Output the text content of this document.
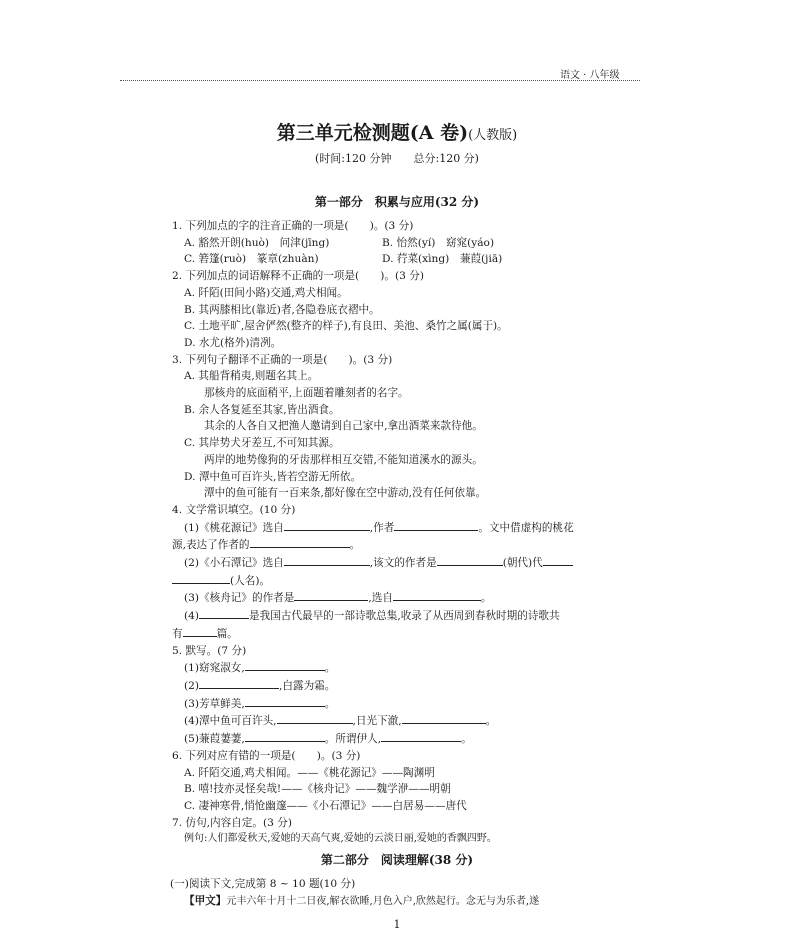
语文 · 八年级
第三单元检测题(A 卷)(人教版)
(时间:120 分钟　　总分:120 分)
第一部分　积累与应用(32 分)
1. 下列加点的字的注音正确的一项是(　　)。(3 分)
A. 豁然开朗(huò)　问津(jīng)	B. 怡然(yí)　窈窕(yáo)
C. 箬篷(ruò)　篆章(zhuàn)	D. 荇菜(xìng)　蒹葭(jiā)
2. 下列加点的词语解释不正确的一项是(　　)。(3 分)
A. 阡陌(田间小路)交通,鸡犬相闻。
B. 其两膝相比(靠近)者,各隐卷底衣褶中。
C. 土地平旷,屋舍俨然(整齐的样子),有良田、美池、桑竹之属(属于)。
D. 水尤(格外)清冽。
3. 下列句子翻译不正确的一项是(　　)。(3 分)
A. 其船背稍夷,则题名其上。
那核舟的底面稍平,上面题着雕刻者的名字。
B. 余人各复延至其家,皆出酒食。
其余的人各自又把渔人邀请到自己家中,拿出酒菜来款待他。
C. 其岸势犬牙差互,不可知其源。
两岸的地势像狗的牙齿那样相互交错,不能知道溪水的源头。
D. 潭中鱼可百许头,皆若空游无所依。
潭中的鱼可能有一百来条,都好像在空中游动,没有任何依靠。
4. 文学常识填空。(10 分)
(1)《桃花源记》选自	,作者	。文中借虚构的桃花
源,表达了作者的	。
(2)《小石潭记》选自	,该文的作者是	(朝代)代
(人名)。
(3)《核舟记》的作者是	,选自	。
(4)	是我国古代最早的一部诗歌总集,收录了从西周到春秋时期的诗歌共
有	篇。
5. 默写。(7 分)
(1)窈窕淑女,	。
(2)	,白露为霜。
(3)芳草鲜美,	。
(4)潭中鱼可百许头,	,日光下澈,	。
(5)蒹葭萋萋,	。所谓伊人,	。
6. 下列对应有错的一项是(　　)。(3 分)
A. 阡陌交通,鸡犬相闻。——《桃花源记》——陶渊明
B. 嘻!技亦灵怪矣哉!——《核舟记》——魏学洢——明朝
C. 凄神寒骨,悄怆幽邃——《小石潭记》——白居易——唐代
7. 仿句,内容自定。(3 分)
例句:人们都爱秋天,爱她的天高气爽,爱她的云淡日丽,爱她的香飘四野。
第二部分　阅读理解(38 分)
(一)阅读下文,完成第 8 ~ 10 题(10 分)
【甲文】元丰六年十月十二日夜,解衣欲睡,月色入户,欣然起行。念无与为乐者,遂
1
